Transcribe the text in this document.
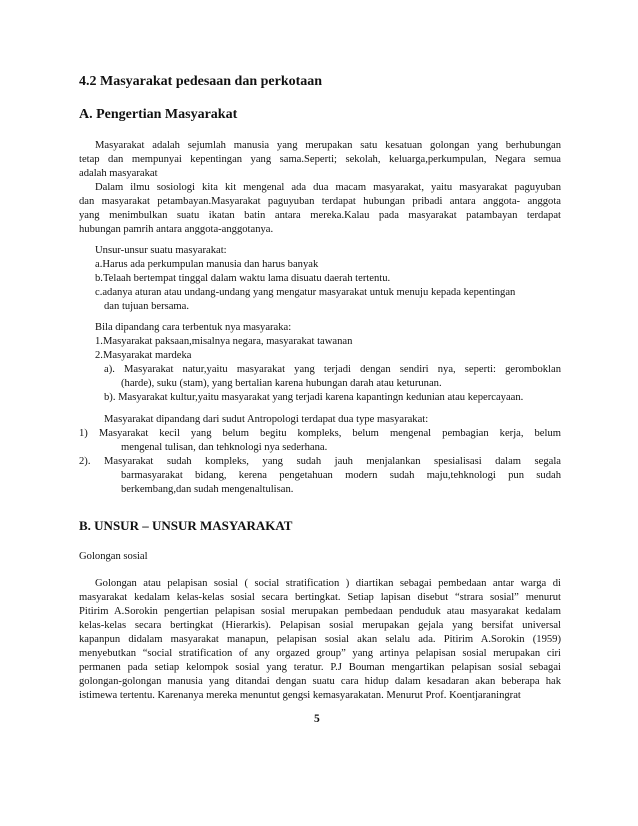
4.2 Masyarakat pedesaan dan perkotaan
A. Pengertian Masyarakat
Masyarakat adalah sejumlah manusia yang merupakan satu kesatuan golongan yang berhubungan
tetap dan mempunyai kepentingan yang sama.Seperti; sekolah, keluarga,perkumpulan, Negara semua
adalah masyarakat
Dalam ilmu sosiologi kita kit mengenal ada dua macam masyarakat, yaitu masyarakat paguyuban
dan masyarakat petambayan.Masyarakat paguyuban terdapat hubungan pribadi antara anggota- anggota
yang menimbulkan suatu ikatan batin antara mereka.Kalau pada masyarakat patambayan terdapat
hubungan pamrih antara anggota-anggotanya.
Unsur-unsur suatu masyarakat:
a.Harus ada perkumpulan manusia dan harus banyak
b.Telaah bertempat tinggal dalam waktu lama disuatu daerah tertentu.
c.adanya aturan atau undang-undang yang mengatur masyarakat untuk menuju kepada kepentingan
dan tujuan bersama.
Bila dipandang cara terbentuk nya masyaraka:
1.Masyarakat paksaan,misalnya negara, masyarakat tawanan
2.Masyarakat mardeka
a). Masyarakat natur,yaitu masyarakat yang terjadi dengan sendiri nya, seperti: geromboklan
(harde), suku (stam), yang bertalian karena hubungan darah atau keturunan.
b). Masyarakat kultur,yaitu masyarakat yang terjadi karena kapantingn kedunian atau kepercayaan.
Masyarakat dipandang dari sudut Antropologi terdapat dua type masyarakat:
1) Masyarakat kecil yang belum begitu kompleks, belum mengenal pembagian kerja, belum
mengenal tulisan, dan tehknologi nya sederhana.
2). Masyarakat sudah kompleks, yang sudah jauh menjalankan spesialisasi dalam segala
barmasyarakat bidang, kerena pengetahuan modern sudah maju,tehknologi pun sudah
berkembang,dan sudah mengenaltulisan.
B. UNSUR – UNSUR MASYARAKAT
Golongan sosial
Golongan atau pelapisan sosial ( social stratification ) diartikan sebagai pembedaan antar warga di
masyarakat kedalam kelas-kelas sosial secara bertingkat. Setiap lapisan disebut “strara sosial” menurut
Pitirim A.Sorokin pengertian pelapisan sosial merupakan pembedaan penduduk atau masyarakat kedalam
kelas-kelas secara bertingkat (Hierarkis). Pelapisan sosial merupakan gejala yang bersifat universal
kapanpun didalam masyarakat manapun, pelapisan sosial akan selalu ada. Pitirim A.Sorokin (1959)
menyebutkan “social stratification of any orgazed group” yang artinya pelapisan sosial merupakan ciri
permanen pada setiap kelompok sosial yang teratur. P.J Bouman mengartikan pelapisan sosial sebagai
golongan-golongan manusia yang ditandai dengan suatu cara hidup dalam kesadaran akan beberapa hak
istimewa tertentu. Karenanya mereka menuntut gengsi kemasyarakatan. Menurut Prof. Koentjaraningrat
5
